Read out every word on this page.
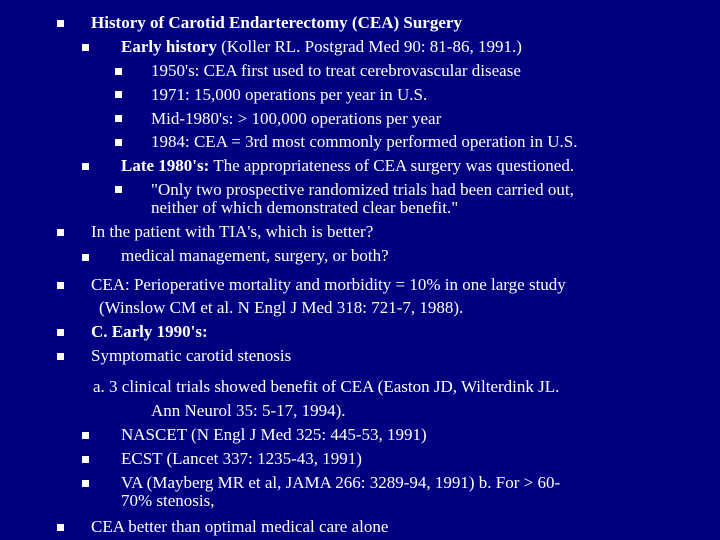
History of Carotid Endarterectomy (CEA) Surgery
Early history (Koller RL. Postgrad Med 90: 81-86, 1991.)
1950's: CEA first used to treat cerebrovascular disease
1971: 15,000 operations per year in U.S.
Mid-1980's: > 100,000 operations per year
1984: CEA = 3rd most commonly performed operation in U.S.
Late 1980's: The appropriateness of CEA surgery was questioned.
"Only two prospective randomized trials had been carried out,
neither of which demonstrated clear benefit."
In the patient with TIA's, which is better?
medical management, surgery, or both?
CEA: Perioperative mortality and morbidity = 10% in one large study
(Winslow CM et al. N Engl J Med 318: 721-7, 1988).
C. Early 1990's:
Symptomatic carotid stenosis
a. 3 clinical trials showed benefit of CEA (Easton JD, Wilterdink JL.
Ann Neurol 35: 5-17, 1994).
NASCET (N Engl J Med 325: 445-53, 1991)
ECST (Lancet 337: 1235-43, 1991)
VA (Mayberg MR et al, JAMA 266: 3289-94, 1991) b. For > 60-
70% stenosis,
CEA better than optimal medical care alone
